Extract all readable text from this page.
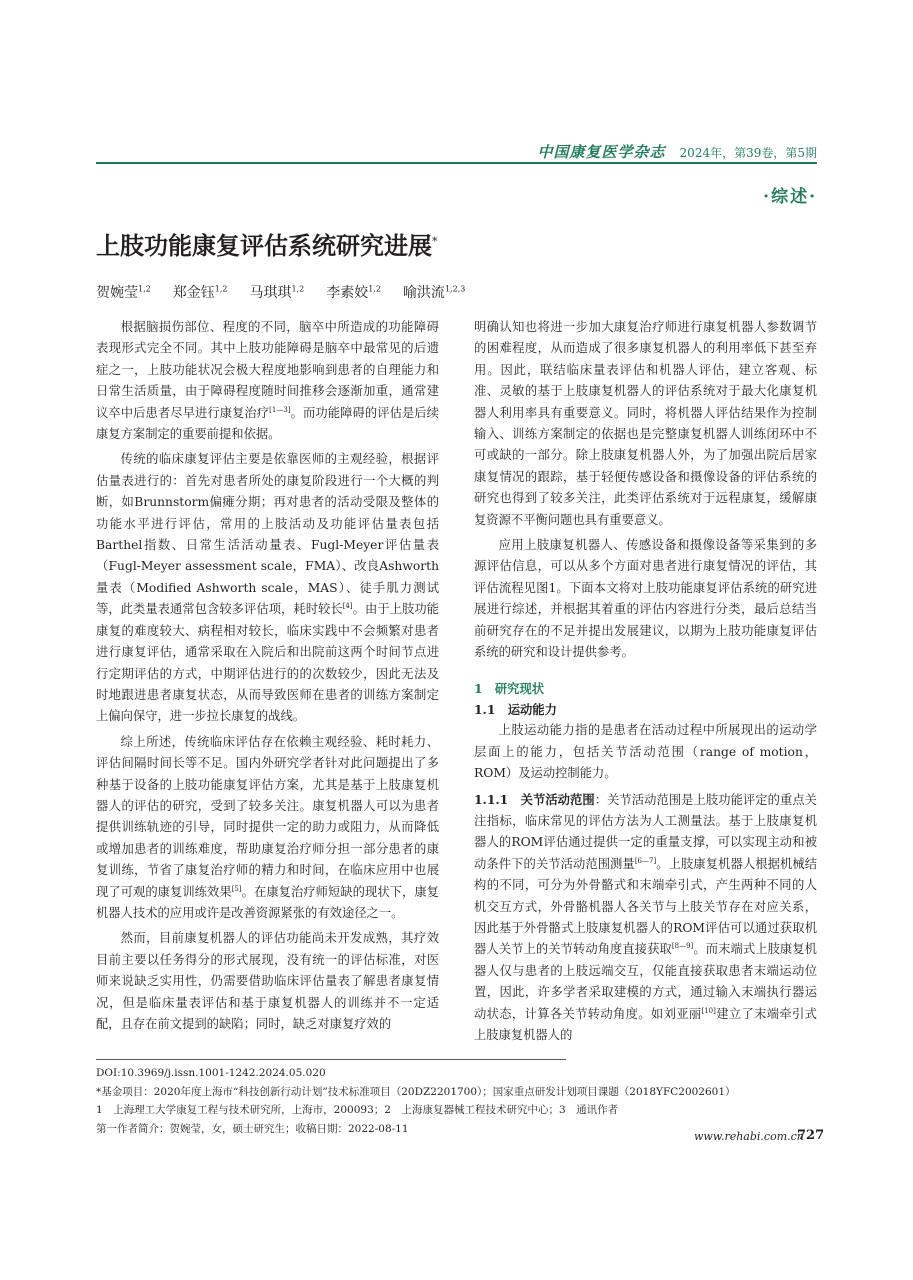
中国康复医学杂志 2024年，第39卷，第5期
·综述·
上肢功能康复评估系统研究进展*
贺婉莹$^{1,2}$ 郑金钰$^{1,2}$ 马琪琪$^{1,2}$ 李素姣$^{1,2}$ 喻洪流$^{1,2,3}$

根据脑损伤部位、程度的不同，脑卒中所造成的功能障碍表现形式完全不同。其中上肢功能障碍是脑卒中最常见的后遗症之一，上肢功能状况会极大程度地影响到患者的自理能力和日常生活质量，由于障碍程度随时间推移会逐渐加重，通常建议卒中后患者尽早进行康复治疗[1—3]。而功能障碍的评估是后续康复方案制定的重要前提和依据。

传统的临床康复评估主要是依靠医师的主观经验，根据评估量表进行的：首先对患者所处的康复阶段进行一个大概的判断，如Brunnstorm偏瘫分期；再对患者的活动受限及整体的功能水平进行评估，常用的上肢活动及功能评估量表包括Barthel指数、日常生活活动量表、Fugl-Meyer评估量表（Fugl-Meyer assessment scale，FMA）、改良Ashworth量表（Modified Ashworth scale，MAS）、徒手肌力测试等，此类量表通常包含较多评估项，耗时较长[4]。由于上肢功能康复的难度较大、病程相对较长，临床实践中不会频繁对患者进行康复评估，通常采取在入院后和出院前这两个时间节点进行定期评估的方式，中期评估进行的的次数较少，因此无法及时地跟进患者康复状态，从而导致医师在患者的训练方案制定上偏向保守，进一步拉长康复的战线。

综上所述，传统临床评估存在依赖主观经验、耗时耗力、评估间隔时间长等不足。国内外研究学者针对此问题提出了多种基于设备的上肢功能康复评估方案，尤其是基于上肢康复机器人的评估的研究，受到了较多关注。康复机器人可以为患者提供训练轨迹的引导，同时提供一定的助力或阻力，从而降低或增加患者的训练难度，帮助康复治疗师分担一部分患者的康复训练，节省了康复治疗师的精力和时间，在临床应用中也展现了可观的康复训练效果[5]。在康复治疗师短缺的现状下，康复机器人技术的应用或许是改善资源紧张的有效途径之一。

然而，目前康复机器人的评估功能尚未开发成熟，其疗效目前主要以任务得分的形式展现，没有统一的评估标准，对医师来说缺乏实用性，仍需要借助临床评估量表了解患者康复情况，但是临床量表评估和基于康复机器人的训练并不一定适配，且存在前文提到的缺陷；同时，缺乏对康复疗效的

明确认知也将进一步加大康复治疗师进行康复机器人参数调节的困难程度，从而造成了很多康复机器人的利用率低下甚至弃用。因此，联结临床量表评估和机器人评估，建立客观、标准、灵敏的基于上肢康复机器人的评估系统对于最大化康复机器人利用率具有重要意义。同时，将机器人评估结果作为控制输入、训练方案制定的依据也是完整康复机器人训练闭环中不可或缺的一部分。除上肢康复机器人外，为了加强出院后居家康复情况的跟踪，基于轻便传感设备和摄像设备的评估系统的研究也得到了较多关注，此类评估系统对于远程康复，缓解康复资源不平衡问题也具有重要意义。

应用上肢康复机器人、传感设备和摄像设备等采集到的多源评估信息，可以从多个方面对患者进行康复情况的评估，其评估流程见图1。下面本文将对上肢功能康复评估系统的研究进展进行综述，并根据其着重的评估内容进行分类，最后总结当前研究存在的不足并提出发展建议，以期为上肢功能康复评估系统的研究和设计提供参考。

1　研究现状
1.1　运动能力

上肢运动能力指的是患者在活动过程中所展现出的运动学层面上的能力，包括关节活动范围（range of motion，ROM）及运动控制能力。

1.1.1　关节活动范围：关节活动范围是上肢功能评定的重点关注指标，临床常见的评估方法为人工测量法。基于上肢康复机器人的ROM评估通过提供一定的重量支撑，可以实现主动和被动条件下的关节活动范围测量[6—7]。上肢康复机器人根据机械结构的不同，可分为外骨骼式和末端牵引式，产生两种不同的人机交互方式，外骨骼机器人各关节与上肢关节存在对应关系，因此基于外骨骼式上肢康复机器人的ROM评估可以通过获取机器人关节上的关节转动角度直接获取[8—9]。而末端式上肢康复机器人仅与患者的上肢远端交互，仅能直接获取患者末端运动位置，因此，许多学者采取建模的方式，通过输入末端执行器运动状态，计算各关节转动角度。如刘亚丽[10]建立了末端牵引式上肢康复机器人的

DOI:10.3969/j.issn.1001-1242.2024.05.020
*基金项目：2020年度上海市“科技创新行动计划”技术标准项目（20DZ2201700）；国家重点研发计划项目课题（2018YFC2002601）
1　上海理工大学康复工程与技术研究所，上海市，200093；2　上海康复器械工程技术研究中心；3　通讯作者
第一作者简介：贺婉莹，女，硕士研究生；收稿日期：2022-08-11
www.rehabi.com.cn
727
